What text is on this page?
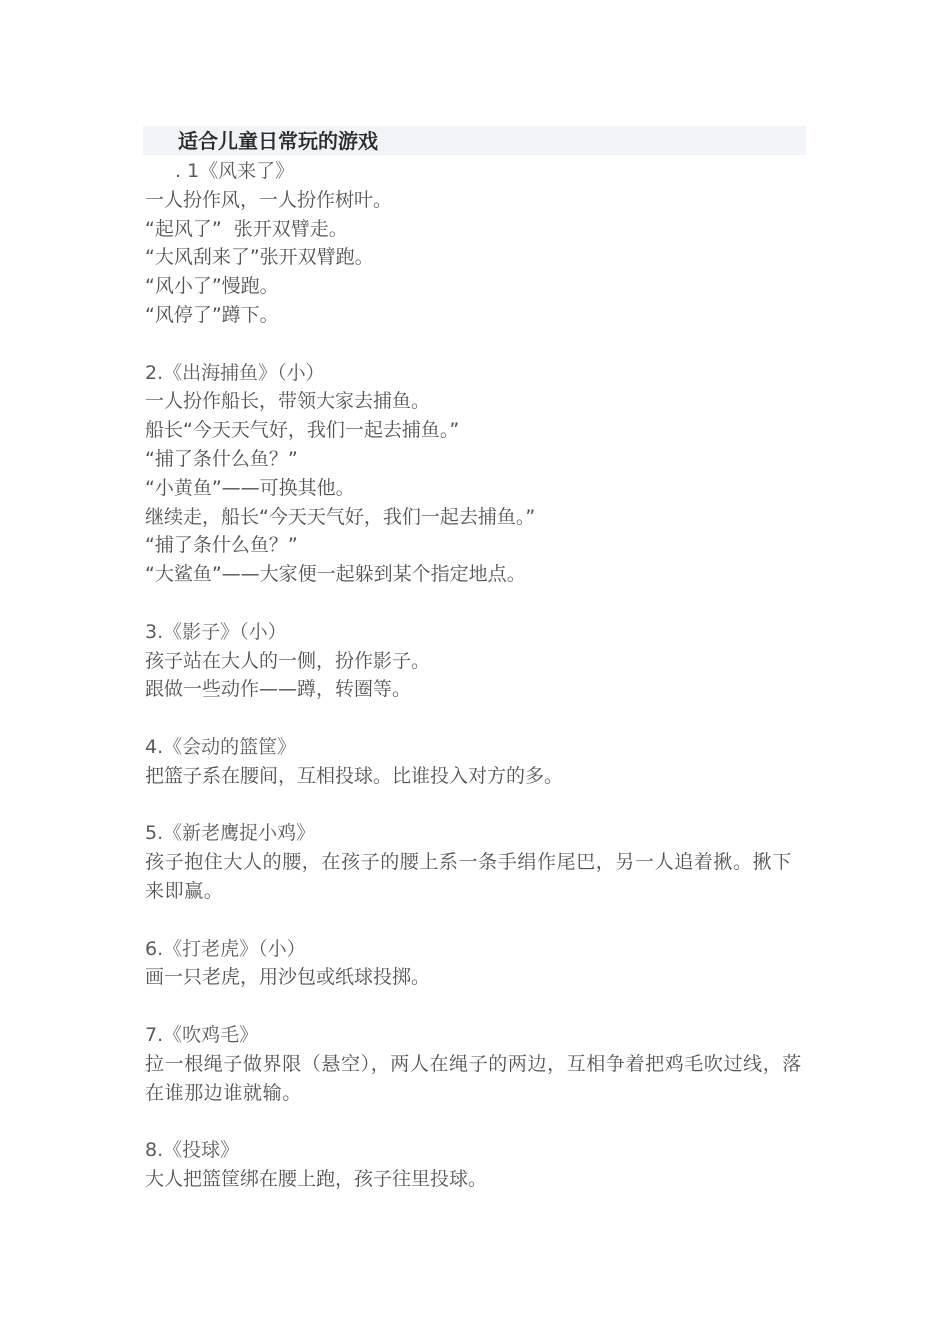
适合儿童日常玩的游戏
. 1《风来了》
一人扮作风，一人扮作树叶。
“起风了”  张开双臂走。
“大风刮来了”张开双臂跑。
“风小了”慢跑。
“风停了”蹲下。
2.《出海捕鱼》（小）
一人扮作船长，带领大家去捕鱼。
船长“今天天气好，我们一起去捕鱼。”
“捕了条什么鱼？”
“小黄鱼”——可换其他。
继续走，船长“今天天气好，我们一起去捕鱼。”
“捕了条什么鱼？”
“大鲨鱼”——大家便一起躲到某个指定地点。
3.《影子》（小）
孩子站在大人的一侧，扮作影子。
跟做一些动作——蹲，转圈等。
4.《会动的篮筐》
把篮子系在腰间，互相投球。比谁投入对方的多。
5.《新老鹰捉小鸡》
孩子抱住大人的腰，在孩子的腰上系一条手绢作尾巴，另一人追着揪。揪下来即赢。
6.《打老虎》（小）
画一只老虎，用沙包或纸球投掷。
7.《吹鸡毛》
拉一根绳子做界限（悬空），两人在绳子的两边，互相争着把鸡毛吹过线，落在谁那边谁就输。
8.《投球》
大人把篮筐绑在腰上跑，孩子往里投球。
